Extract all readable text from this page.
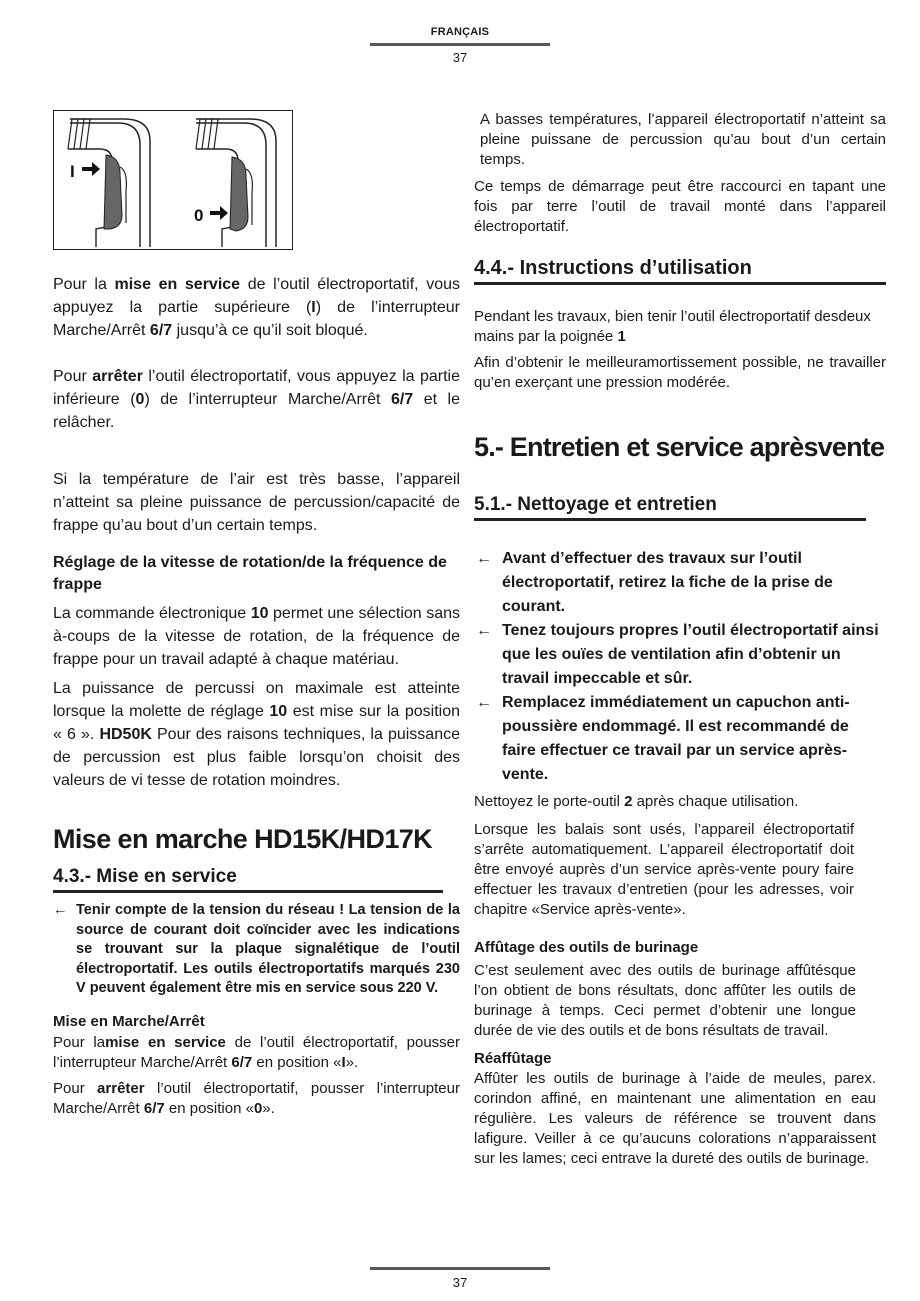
FRANÇAIS
37
I
0

Pour la mise en service de l’outil électroportatif, vous appuyez la partie supérieure (I) de l’interrupteur Marche/Arrêt 6/7 jusqu’à ce qu’il soit bloqué.

Pour arrêter l’outil électroportatif, vous appuyez la partie inférieure (0) de l’interrupteur Marche/Arrêt 6/7 et le relâcher.

Si la température de l’air est très basse, l’appareil n’atteint sa pleine puissance de percussion/capacité de frappe qu’au bout d’un certain temps.

Réglage de la vitesse de rotation/de la fréquence de frappe

La commande électronique 10 permet une sélection sans à-coups de la vitesse de rotation, de la fréquence de frappe pour un travail adapté à chaque matériau.

La puissance de percussi on maximale est atteinte lorsque la molette de réglage 10 est mise sur la position « 6 ». HD50K Pour des raisons techniques, la puissance de percussion est plus faible lorsqu’on choisit des valeurs de vi tesse de rotation moindres.

Mise en marche HD15K/HD17K

4.3.- Mise en service

← Tenir compte de la tension du réseau ! La tension de la source de courant doit coïncider avec les indications se trouvant sur la plaque signalétique de l’outil électroportatif. Les outils électroportatifs marqués 230 V peuvent également être mis en service sous 220 V.

Mise en Marche/Arrêt

Pour lamise en service de l’outil électroportatif, pousser l’interrupteur Marche/Arrêt 6/7 en position «I».

Pour arrêter l’outil électroportatif, pousser l’interrupteur Marche/Arrêt 6/7 en position «0».

A basses températures, l’appareil électroportatif n’atteint sa pleine puissane de percussion qu’au bout d’un certain temps.

Ce temps de démarrage peut être raccourci en tapant une fois par terre l’outil de travail monté dans l’appareil électroportatif.

4.4.- Instructions d’utilisation

Pendant les travaux, bien tenir l’outil électroportatif desdeux mains par la poignée 1

Afin d’obtenir le meilleuramortissement possible, ne travailler qu’en exerçant une pression modérée.

5.- Entretien et service aprèsvente

5.1.- Nettoyage et entretien

← Avant d’effectuer des travaux sur l’outil électroportatif, retirez la fiche de la prise de courant.
← Tenez toujours propres l’outil électroportatif ainsi que les ouïes de ventilation afin d’obtenir un travail impeccable et sûr.
← Remplacez immédiatement un capuchon anti-poussière endommagé. Il est recommandé de faire effectuer ce travail par un service après-vente.

Nettoyez le porte-outil 2 après chaque utilisation.

Lorsque les balais sont usés, l’appareil électroportatif s’arrête automatiquement. L’appareil électroportatif doit être envoyé auprès d’un service après-vente poury faire effectuer les travaux d’entretien (pour les adresses, voir chapitre «Service après-vente».

Affûtage des outils de burinage

C’est seulement avec des outils de burinage affûtésque l’on obtient de bons résultats, donc affûter les outils de burinage à temps. Ceci permet d’obtenir une longue durée de vie des outils et de bons résultats de travail.

Réaffûtage

Affûter les outils de burinage à l’aide de meules, parex. corindon affiné, en maintenant une alimentation en eau régulière. Les valeurs de référence se trouvent dans lafigure. Veiller à ce qu’aucuns colorations n’apparaissent sur les lames; ceci entrave la dureté des outils de burinage.

37
